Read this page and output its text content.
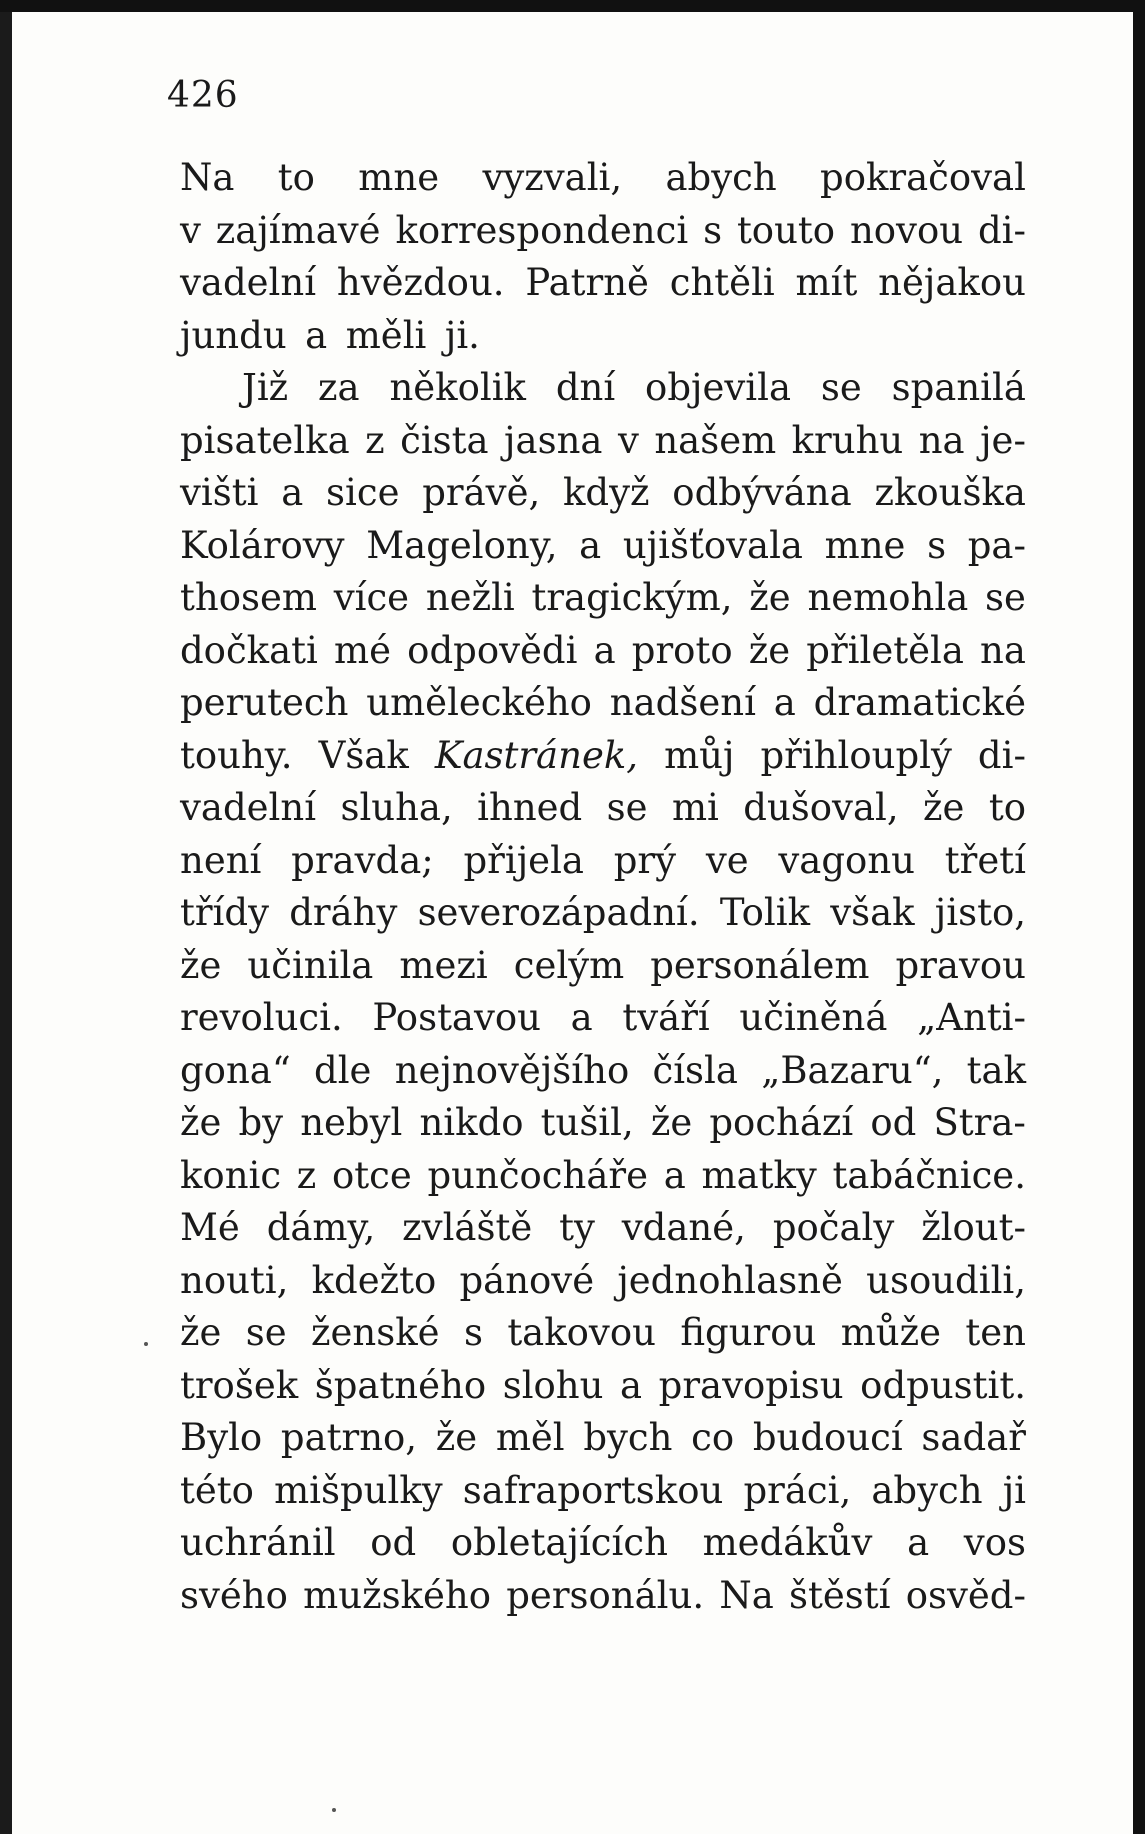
426
Na to mne vyzvali, abych pokračoval
v zajímavé korrespondenci s touto novou di-
vadelní hvězdou. Patrně chtěli mít nějakou
jundu a měli ji.
Již za několik dní objevila se spanilá
pisatelka z čista jasna v našem kruhu na je-
višti a sice právě, když odbývána zkouška
Kolárovy Magelony, a ujišťovala mne s pa-
thosem více nežli tragickým, že nemohla se
dočkati mé odpovědi a proto že přiletěla na
perutech uměleckého nadšení a dramatické
touhy. Však Kastránek, můj přihlouplý di-
vadelní sluha, ihned se mi dušoval, že to
není pravda; přijela prý ve vagonu třetí
třídy dráhy severozápadní. Tolik však jisto,
že učinila mezi celým personálem pravou
revoluci. Postavou a tváří učiněná „Anti-
gona“ dle nejnovějšího čísla „Bazaru“, tak
že by nebyl nikdo tušil, že pochází od Stra-
konic z otce punčocháře a matky tabáčnice.
Mé dámy, zvláště ty vdané, počaly žlout-
nouti, kdežto pánové jednohlasně usoudili,
že se ženské s takovou figurou může ten
trošek špatného slohu a pravopisu odpustit.
Bylo patrno, že měl bych co budoucí sadař
této mišpulky safraportskou práci, abych ji
uchránil od obletajících medákův a vos
svého mužského personálu. Na štěstí osvěd-
